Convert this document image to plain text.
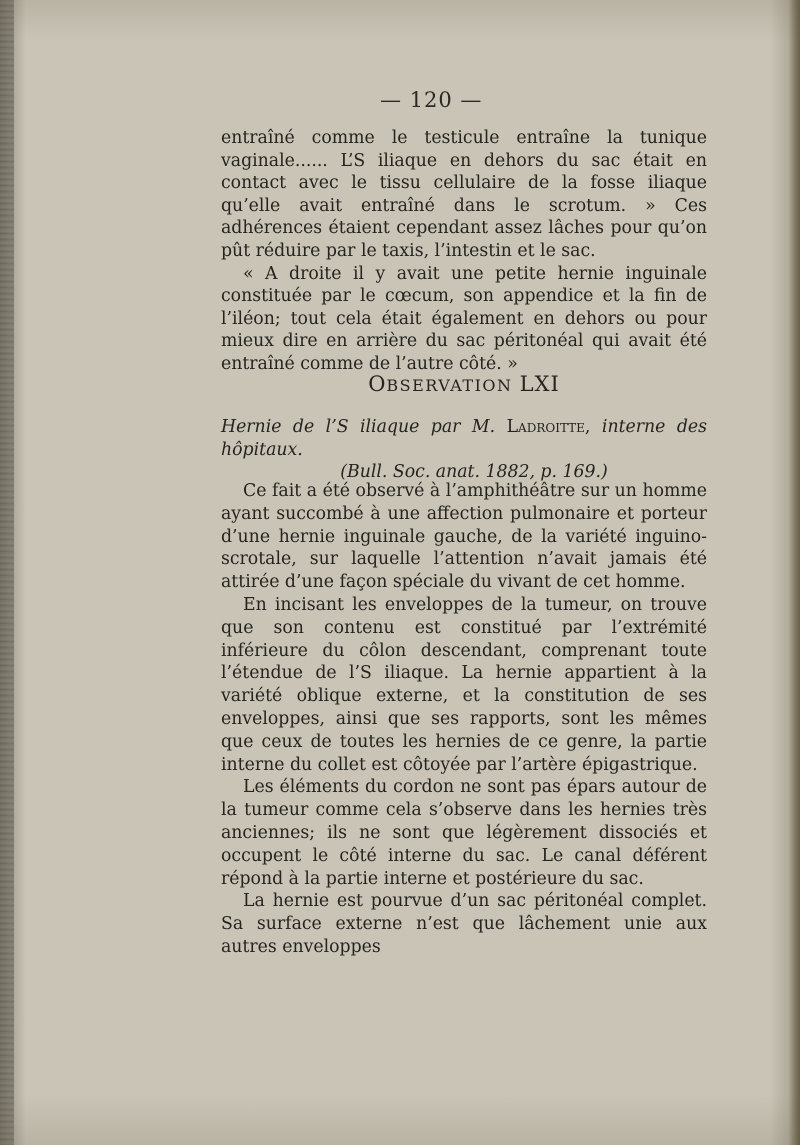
— 120 —

entraîné comme le testicule entraîne la tunique vaginale...... L’S iliaque en dehors du sac était en contact avec le tissu cellulaire de la fosse iliaque qu’elle avait entraîné dans le scrotum. » Ces adhérences étaient cependant assez lâches pour qu’on pût réduire par le taxis, l’intestin et le sac.

« A droite il y avait une petite hernie inguinale constituée par le cœcum, son appendice et la fin de l’iléon; tout cela était également en dehors ou pour mieux dire en arrière du sac péritonéal qui avait été entraîné comme de l’autre côté. »

OBSERVATION LXI
Hernie de l’S iliaque par M. Ladroitte, interne des hôpitaux.
(Bull. Soc. anat. 1882, p. 169.)

Ce fait a été observé à l’amphithéâtre sur un homme ayant succombé à une affection pulmonaire et porteur d’une hernie inguinale gauche, de la variété inguino-scrotale, sur laquelle l’attention n’avait jamais été attirée d’une façon spéciale du vivant de cet homme.

En incisant les enveloppes de la tumeur, on trouve que son contenu est constitué par l’extrémité inférieure du côlon descendant, comprenant toute l’étendue de l’S iliaque. La hernie appartient à la variété oblique externe, et la constitution de ses enveloppes, ainsi que ses rapports, sont les mêmes que ceux de toutes les hernies de ce genre, la partie interne du collet est côtoyée par l’artère épigastrique.

Les éléments du cordon ne sont pas épars autour de la tumeur comme cela s’observe dans les hernies très anciennes; ils ne sont que légèrement dissociés et occupent le côté interne du sac. Le canal déférent répond à la partie interne et postérieure du sac.

La hernie est pourvue d’un sac péritonéal complet. Sa surface externe n’est que lâchement unie aux autres enveloppes
